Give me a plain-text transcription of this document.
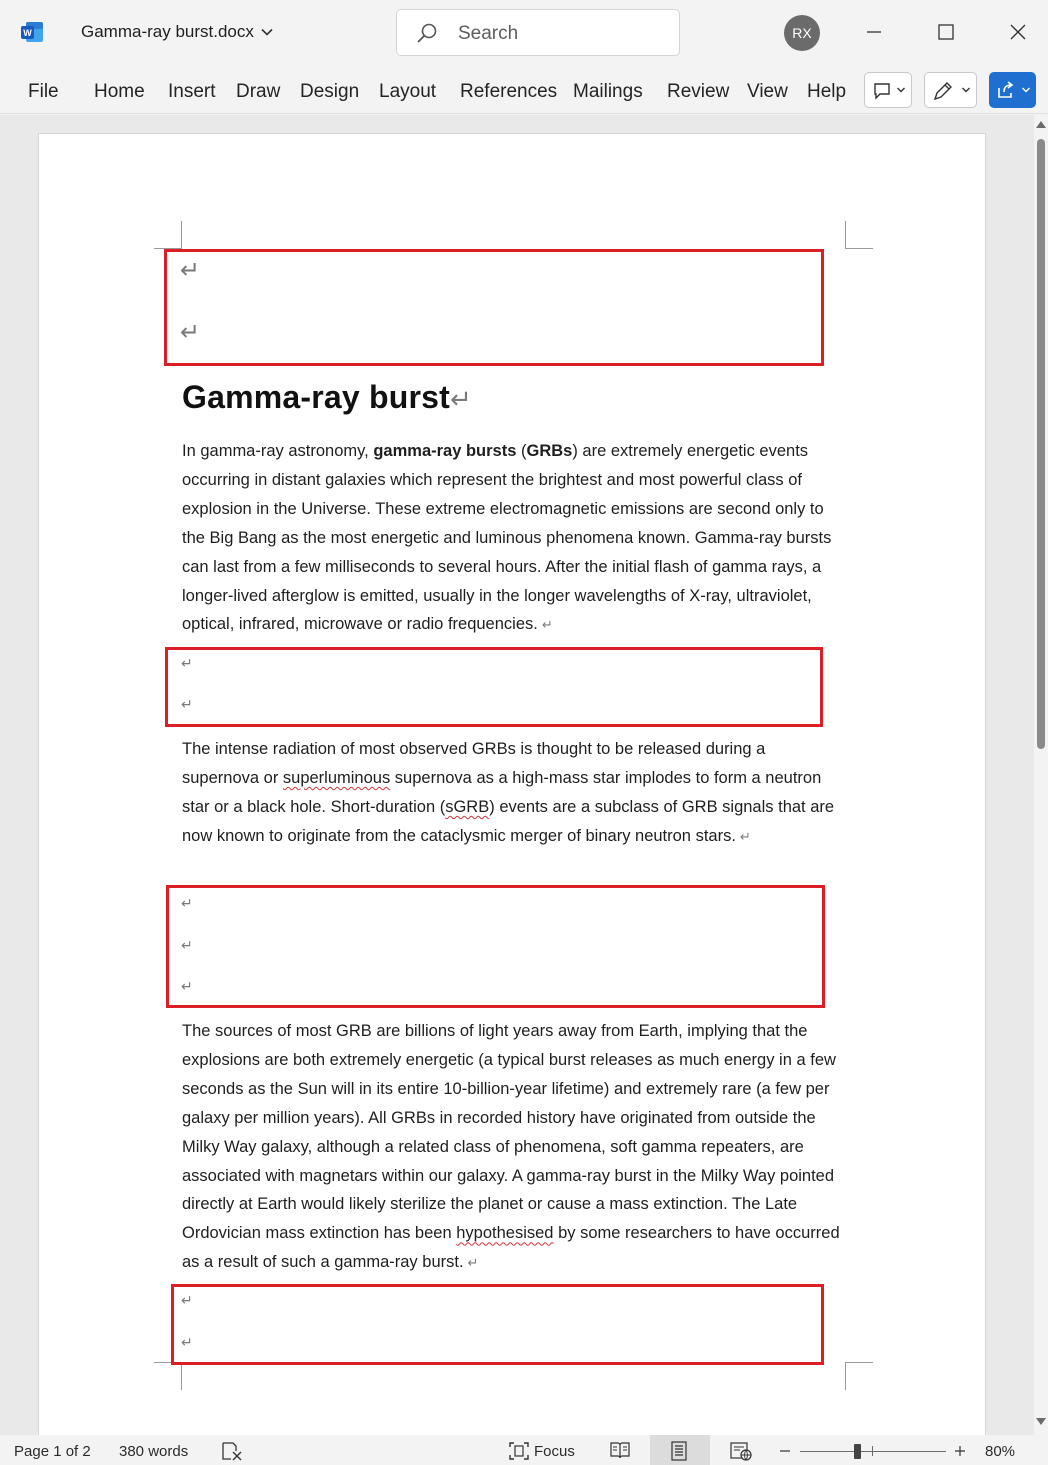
W	Gamma-ray burst.docx	Search	RX
File Home Insert Draw Design Layout References Mailings Review View Help
↵
↵
Gamma-ray burst↵
In gamma-ray astronomy, gamma-ray bursts (GRBs) are extremely energetic events occurring in distant galaxies which represent the brightest and most powerful class of explosion in the Universe. These extreme electromagnetic emissions are second only to the Big Bang as the most energetic and luminous phenomena known. Gamma-ray bursts can last from a few milliseconds to several hours. After the initial flash of gamma rays, a longer-lived afterglow is emitted, usually in the longer wavelengths of X-ray, ultraviolet, optical, infrared, microwave or radio frequencies. ↵
↵
↵
The intense radiation of most observed GRBs is thought to be released during a supernova or superluminous supernova as a high-mass star implodes to form a neutron star or a black hole. Short-duration (sGRB) events are a subclass of GRB signals that are now known to originate from the cataclysmic merger of binary neutron stars. ↵
↵
↵
↵
The sources of most GRB are billions of light years away from Earth, implying that the explosions are both extremely energetic (a typical burst releases as much energy in a few seconds as the Sun will in its entire 10-billion-year lifetime) and extremely rare (a few per galaxy per million years). All GRBs in recorded history have originated from outside the Milky Way galaxy, although a related class of phenomena, soft gamma repeaters, are associated with magnetars within our galaxy. A gamma-ray burst in the Milky Way pointed directly at Earth would likely sterilize the planet or cause a mass extinction. The Late Ordovician mass extinction has been hypothesised by some researchers to have occurred as a result of such a gamma-ray burst. ↵
↵
↵
Page 1 of 2 380 words	Focus	80%
